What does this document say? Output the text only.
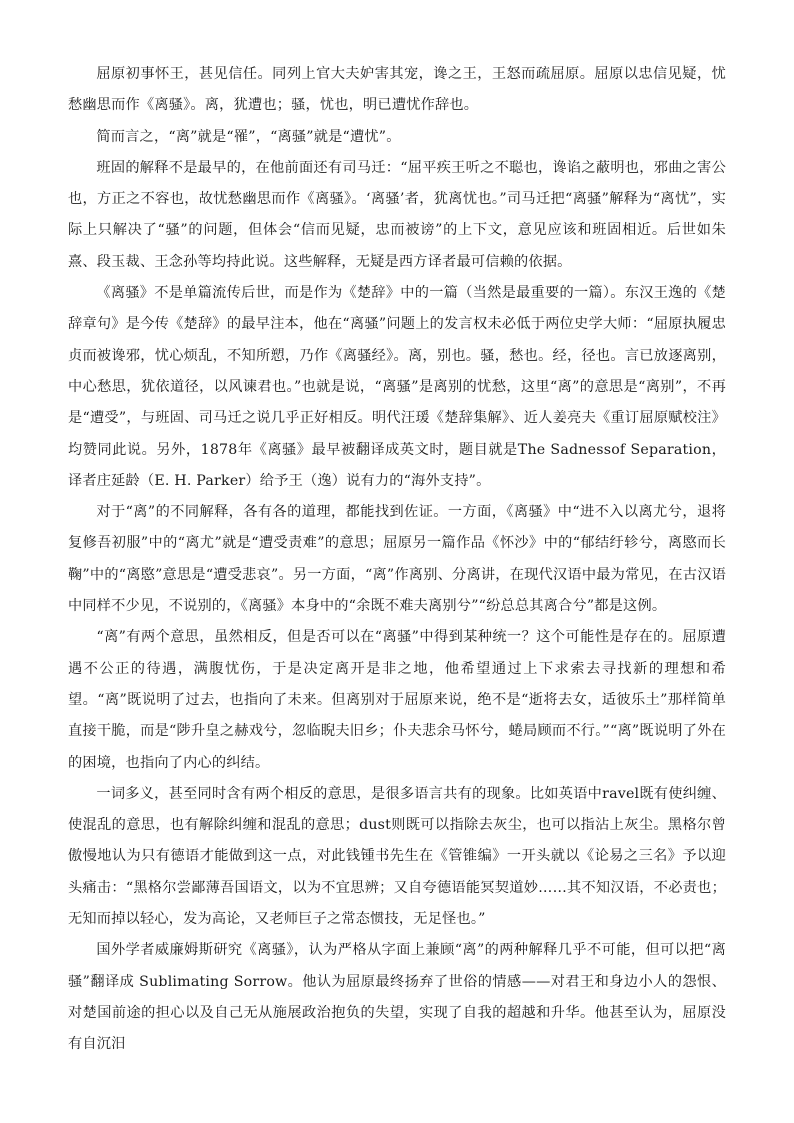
屈原初事怀王，甚见信任。同列上官大夫妒害其宠，谗之王，王怒而疏屈原。屈原以忠信见疑，忧愁幽思而作《离骚》。离，犹遭也；骚，忧也，明已遭忧作辞也。

简而言之，“离”就是“罹”，“离骚”就是“遭忧”。

班固的解释不是最早的，在他前面还有司马迁：“屈平疾王听之不聪也，谗谄之蔽明也，邪曲之害公也，方正之不容也，故忧愁幽思而作《离骚》。‘离骚’者，犹离忧也。”司马迁把“离骚”解释为“离忧”，实际上只解决了“骚”的问题，但体会“信而见疑，忠而被谤”的上下文，意见应该和班固相近。后世如朱熹、段玉裁、王念孙等均持此说。这些解释，无疑是西方译者最可信赖的依据。

《离骚》不是单篇流传后世，而是作为《楚辞》中的一篇（当然是最重要的一篇）。东汉王逸的《楚辞章句》是今传《楚辞》的最早注本，他在“离骚”问题上的发言权未必低于两位史学大师：“屈原执履忠贞而被谗邪，忧心烦乱，不知所愬，乃作《离骚经》。离，别也。骚，愁也。经，径也。言已放逐离别，中心愁思，犹依道径，以风谏君也。”也就是说，“离骚”是离别的忧愁，这里“离”的意思是“离别”，不再是“遭受”，与班固、司马迁之说几乎正好相反。明代汪瑗《楚辞集解》、近人姜亮夫《重订屈原赋校注》均赞同此说。另外，1878年《离骚》最早被翻译成英文时，题目就是The Sadnessof Separation，译者庄延龄（E. H. Parker）给予王（逸）说有力的“海外支持”。

对于“离”的不同解释，各有各的道理，都能找到佐证。一方面，《离骚》中“进不入以离尤兮，退将复修吾初服”中的“离尤”就是“遭受责难”的意思；屈原另一篇作品《怀沙》中的“郁结纡轸兮，离愍而长鞠”中的“离愍”意思是“遭受悲哀”。另一方面，“离”作离别、分离讲，在现代汉语中最为常见，在古汉语中同样不少见，不说别的，《离骚》本身中的“余既不难夫离别兮”“纷总总其离合兮”都是这例。

“离”有两个意思，虽然相反，但是否可以在“离骚”中得到某种统一？这个可能性是存在的。屈原遭遇不公正的待遇，满腹忧伤，于是决定离开是非之地，他希望通过上下求索去寻找新的理想和希望。“离”既说明了过去，也指向了未来。但离别对于屈原来说，绝不是“逝将去女，适彼乐土”那样简单直接干脆，而是“陟升皇之赫戏兮，忽临睨夫旧乡；仆夫悲余马怀兮，蜷局顾而不行。”“离”既说明了外在的困境，也指向了内心的纠结。

一词多义，甚至同时含有两个相反的意思，是很多语言共有的现象。比如英语中ravel既有使纠缠、使混乱的意思，也有解除纠缠和混乱的意思；dust则既可以指除去灰尘，也可以指沾上灰尘。黑格尔曾傲慢地认为只有德语才能做到这一点，对此钱锺书先生在《管锥编》一开头就以《论易之三名》予以迎头痛击：“黑格尔尝鄙薄吾国语文，以为不宜思辨；又自夸德语能冥契道妙……其不知汉语，不必责也；无知而掉以轻心，发为高论，又老师巨子之常态惯技，无足怪也。”

国外学者威廉姆斯研究《离骚》，认为严格从字面上兼顾“离”的两种解释几乎不可能，但可以把“离骚”翻译成 Sublimating Sorrow。他认为屈原最终扬弃了世俗的情感——对君王和身边小人的怨恨、对楚国前途的担心以及自己无从施展政治抱负的失望，实现了自我的超越和升华。他甚至认为，屈原没有自沉汨
